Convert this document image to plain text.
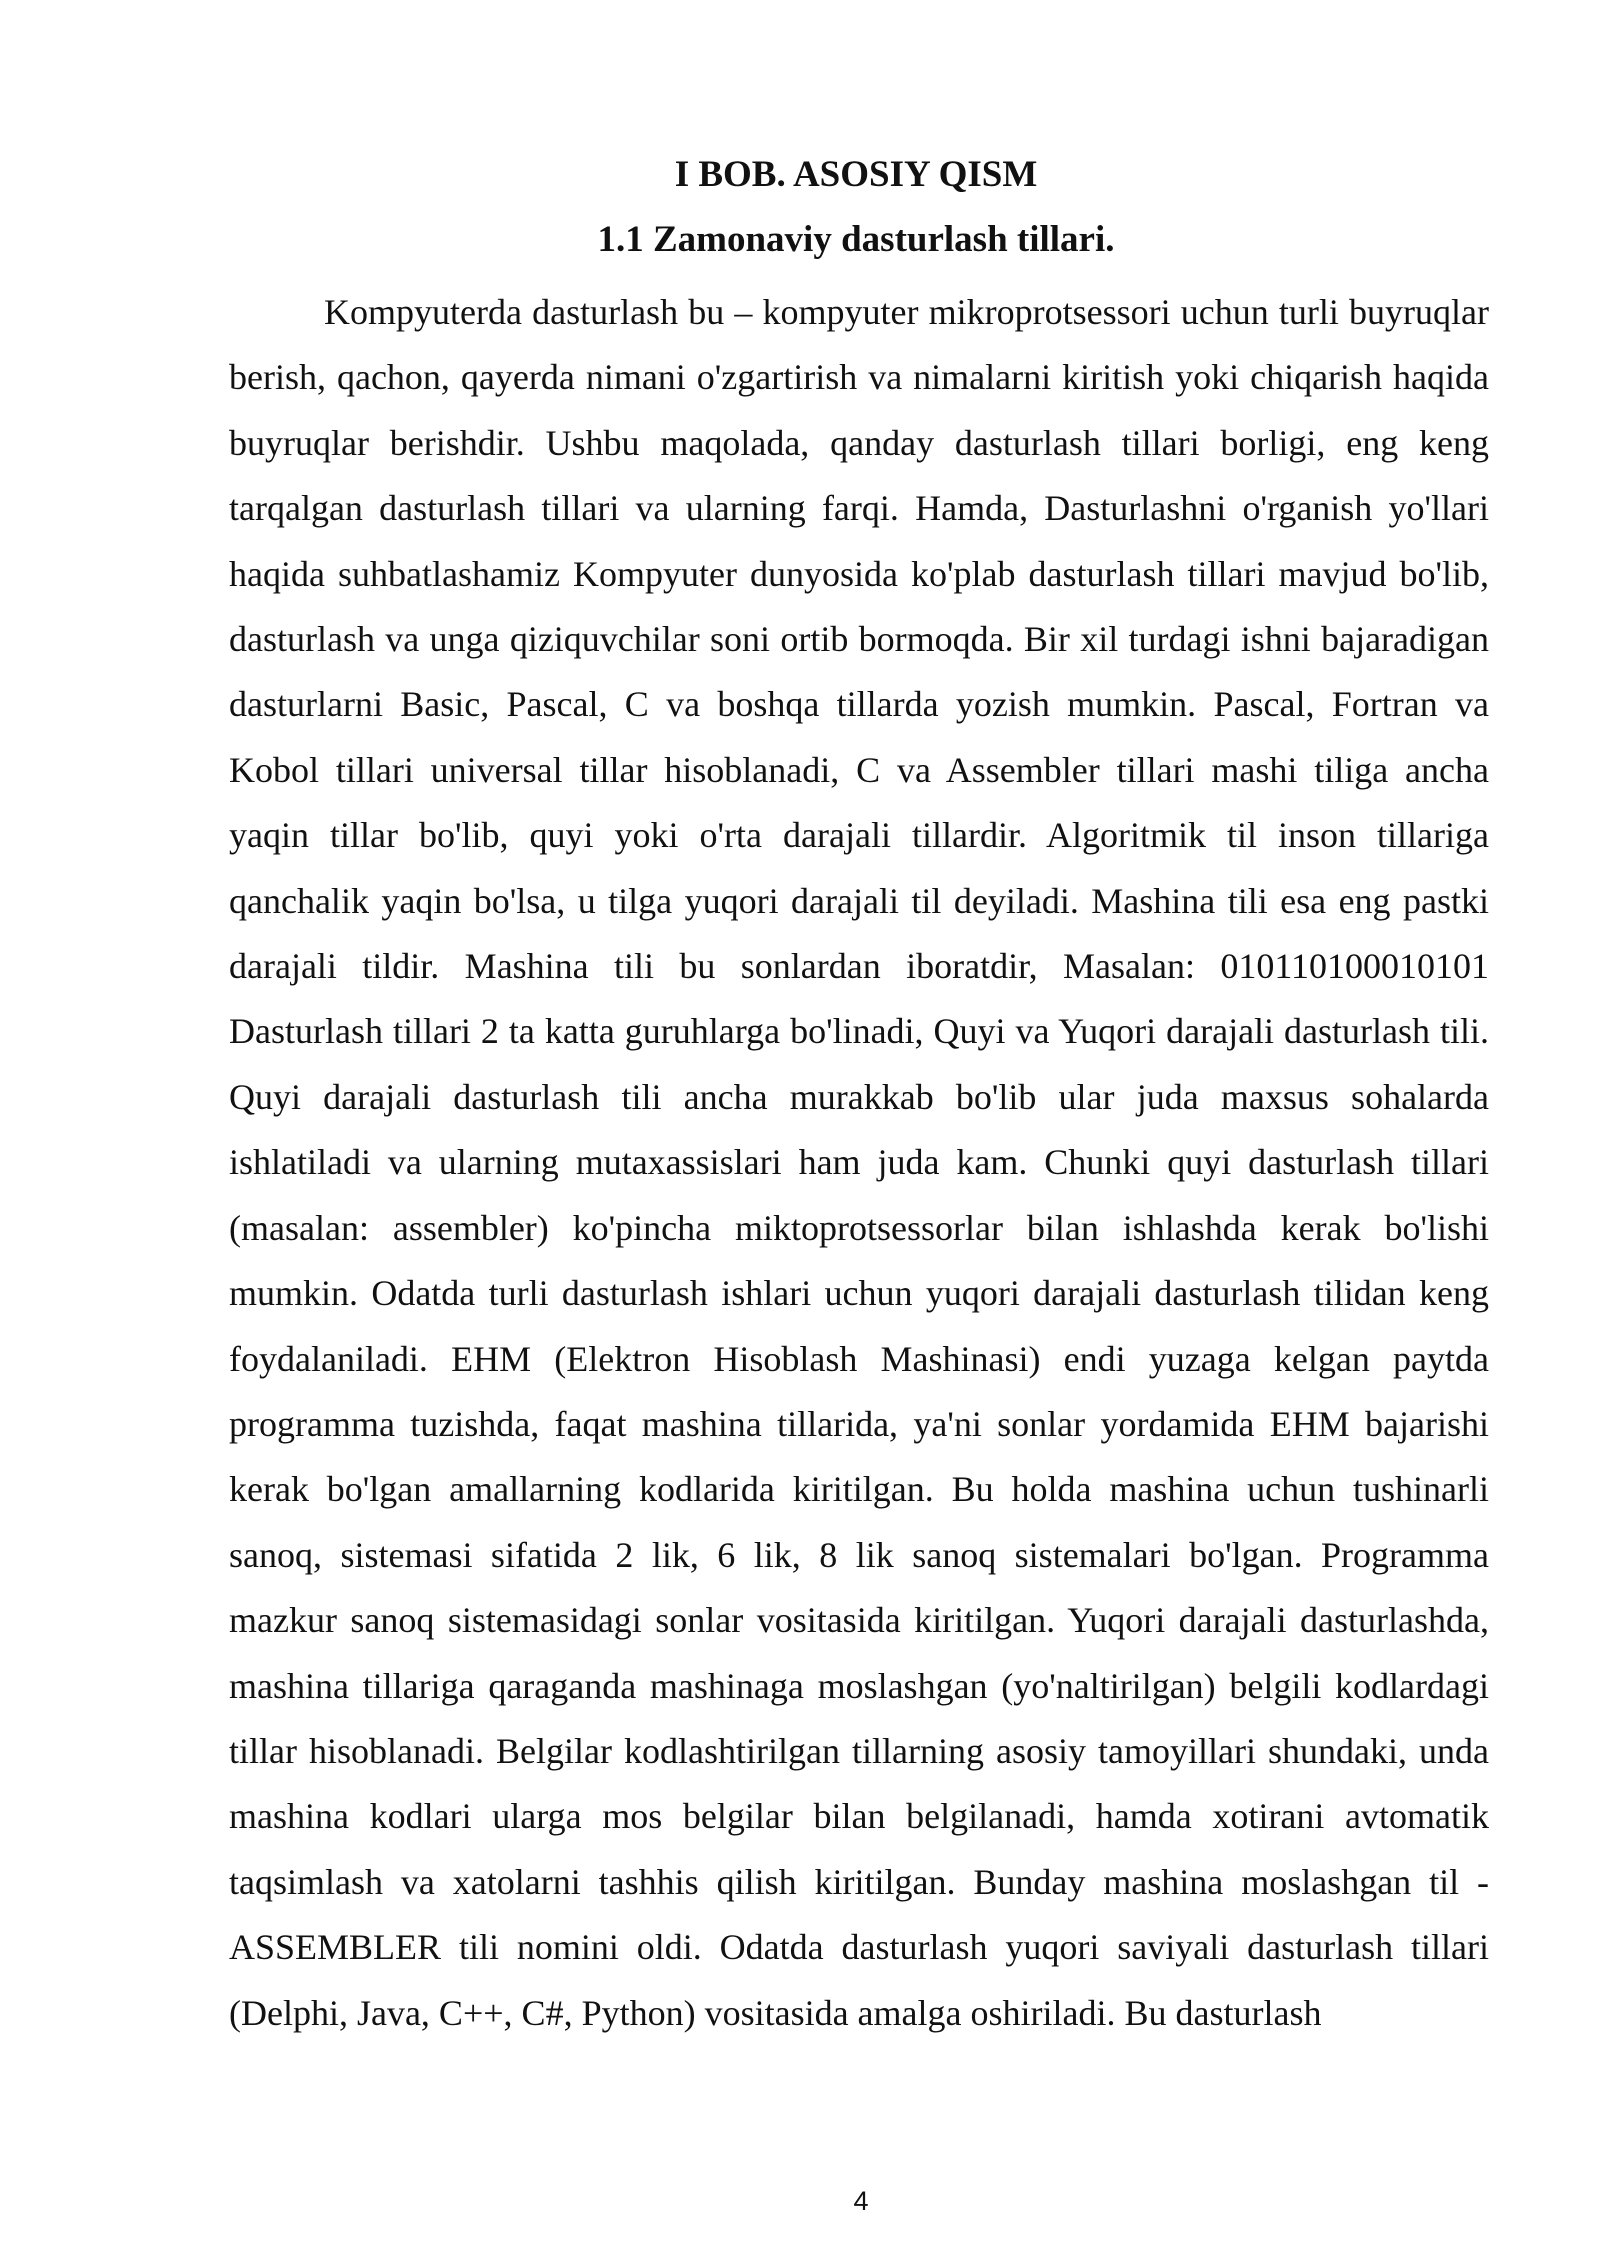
I BOB. ASOSIY QISM
1.1 Zamonaviy dasturlash tillari.

Kompyuterda dasturlash bu – kompyuter mikroprotsessori uchun turli buyruqlar berish, qachon, qayerda nimani o'zgartirish va nimalarni kiritish yoki chiqarish haqida buyruqlar berishdir. Ushbu maqolada, qanday dasturlash tillari borligi, eng keng tarqalgan dasturlash tillari va ularning farqi. Hamda, Dasturlashni o'rganish yo'llari haqida suhbatlashamiz Kompyuter dunyosida ko'plab dasturlash tillari mavjud bo'lib, dasturlash va unga qiziquvchilar soni ortib bormoqda. Bir xil turdagi ishni bajaradigan dasturlarni Basic, Pascal, C va boshqa tillarda yozish mumkin. Pascal, Fortran va Kobol tillari universal tillar hisoblanadi, C va Assembler tillari mashi tiliga ancha yaqin tillar bo'lib, quyi yoki o'rta darajali tillardir. Algoritmik til inson tillariga qanchalik yaqin bo'lsa, u tilga yuqori darajali til deyiladi. Mashina tili esa eng pastki darajali tildir. Mashina tili bu sonlardan iboratdir, Masalan: 010110100010101 Dasturlash tillari 2 ta katta guruhlarga bo'linadi, Quyi va Yuqori darajali dasturlash tili. Quyi darajali dasturlash tili ancha murakkab bo'lib ular juda maxsus sohalarda ishlatiladi va ularning mutaxassislari ham juda kam. Chunki quyi dasturlash tillari (masalan: assembler) ko'pincha miktoprotsessorlar bilan ishlashda kerak bo'lishi mumkin. Odatda turli dasturlash ishlari uchun yuqori darajali dasturlash tilidan keng foydalaniladi. EHM (Elektron Hisoblash Mashinasi) endi yuzaga kelgan paytda programma tuzishda, faqat mashina tillarida, ya'ni sonlar yordamida EHM bajarishi kerak bo'lgan amallarning kodlarida kiritilgan. Bu holda mashina uchun tushinarli sanoq, sistemasi sifatida 2 lik, 6 lik, 8 lik sanoq sistemalari bo'lgan. Programma mazkur sanoq sistemasidagi sonlar vositasida kiritilgan. Yuqori darajali dasturlashda, mashina tillariga qaraganda mashinaga moslashgan (yo'naltirilgan) belgili kodlardagi tillar hisoblanadi. Belgilar kodlashtirilgan tillarning asosiy tamoyillari shundaki, unda mashina kodlari ularga mos belgilar bilan belgilanadi, hamda xotirani avtomatik taqsimlash va xatolarni tashhis qilish kiritilgan. Bunday mashina moslashgan til - ASSEMBLER tili nomini oldi. Odatda dasturlash yuqori saviyali dasturlash tillari (Delphi, Java, C++, C#, Python) vositasida amalga oshiriladi. Bu dasturlash

4
